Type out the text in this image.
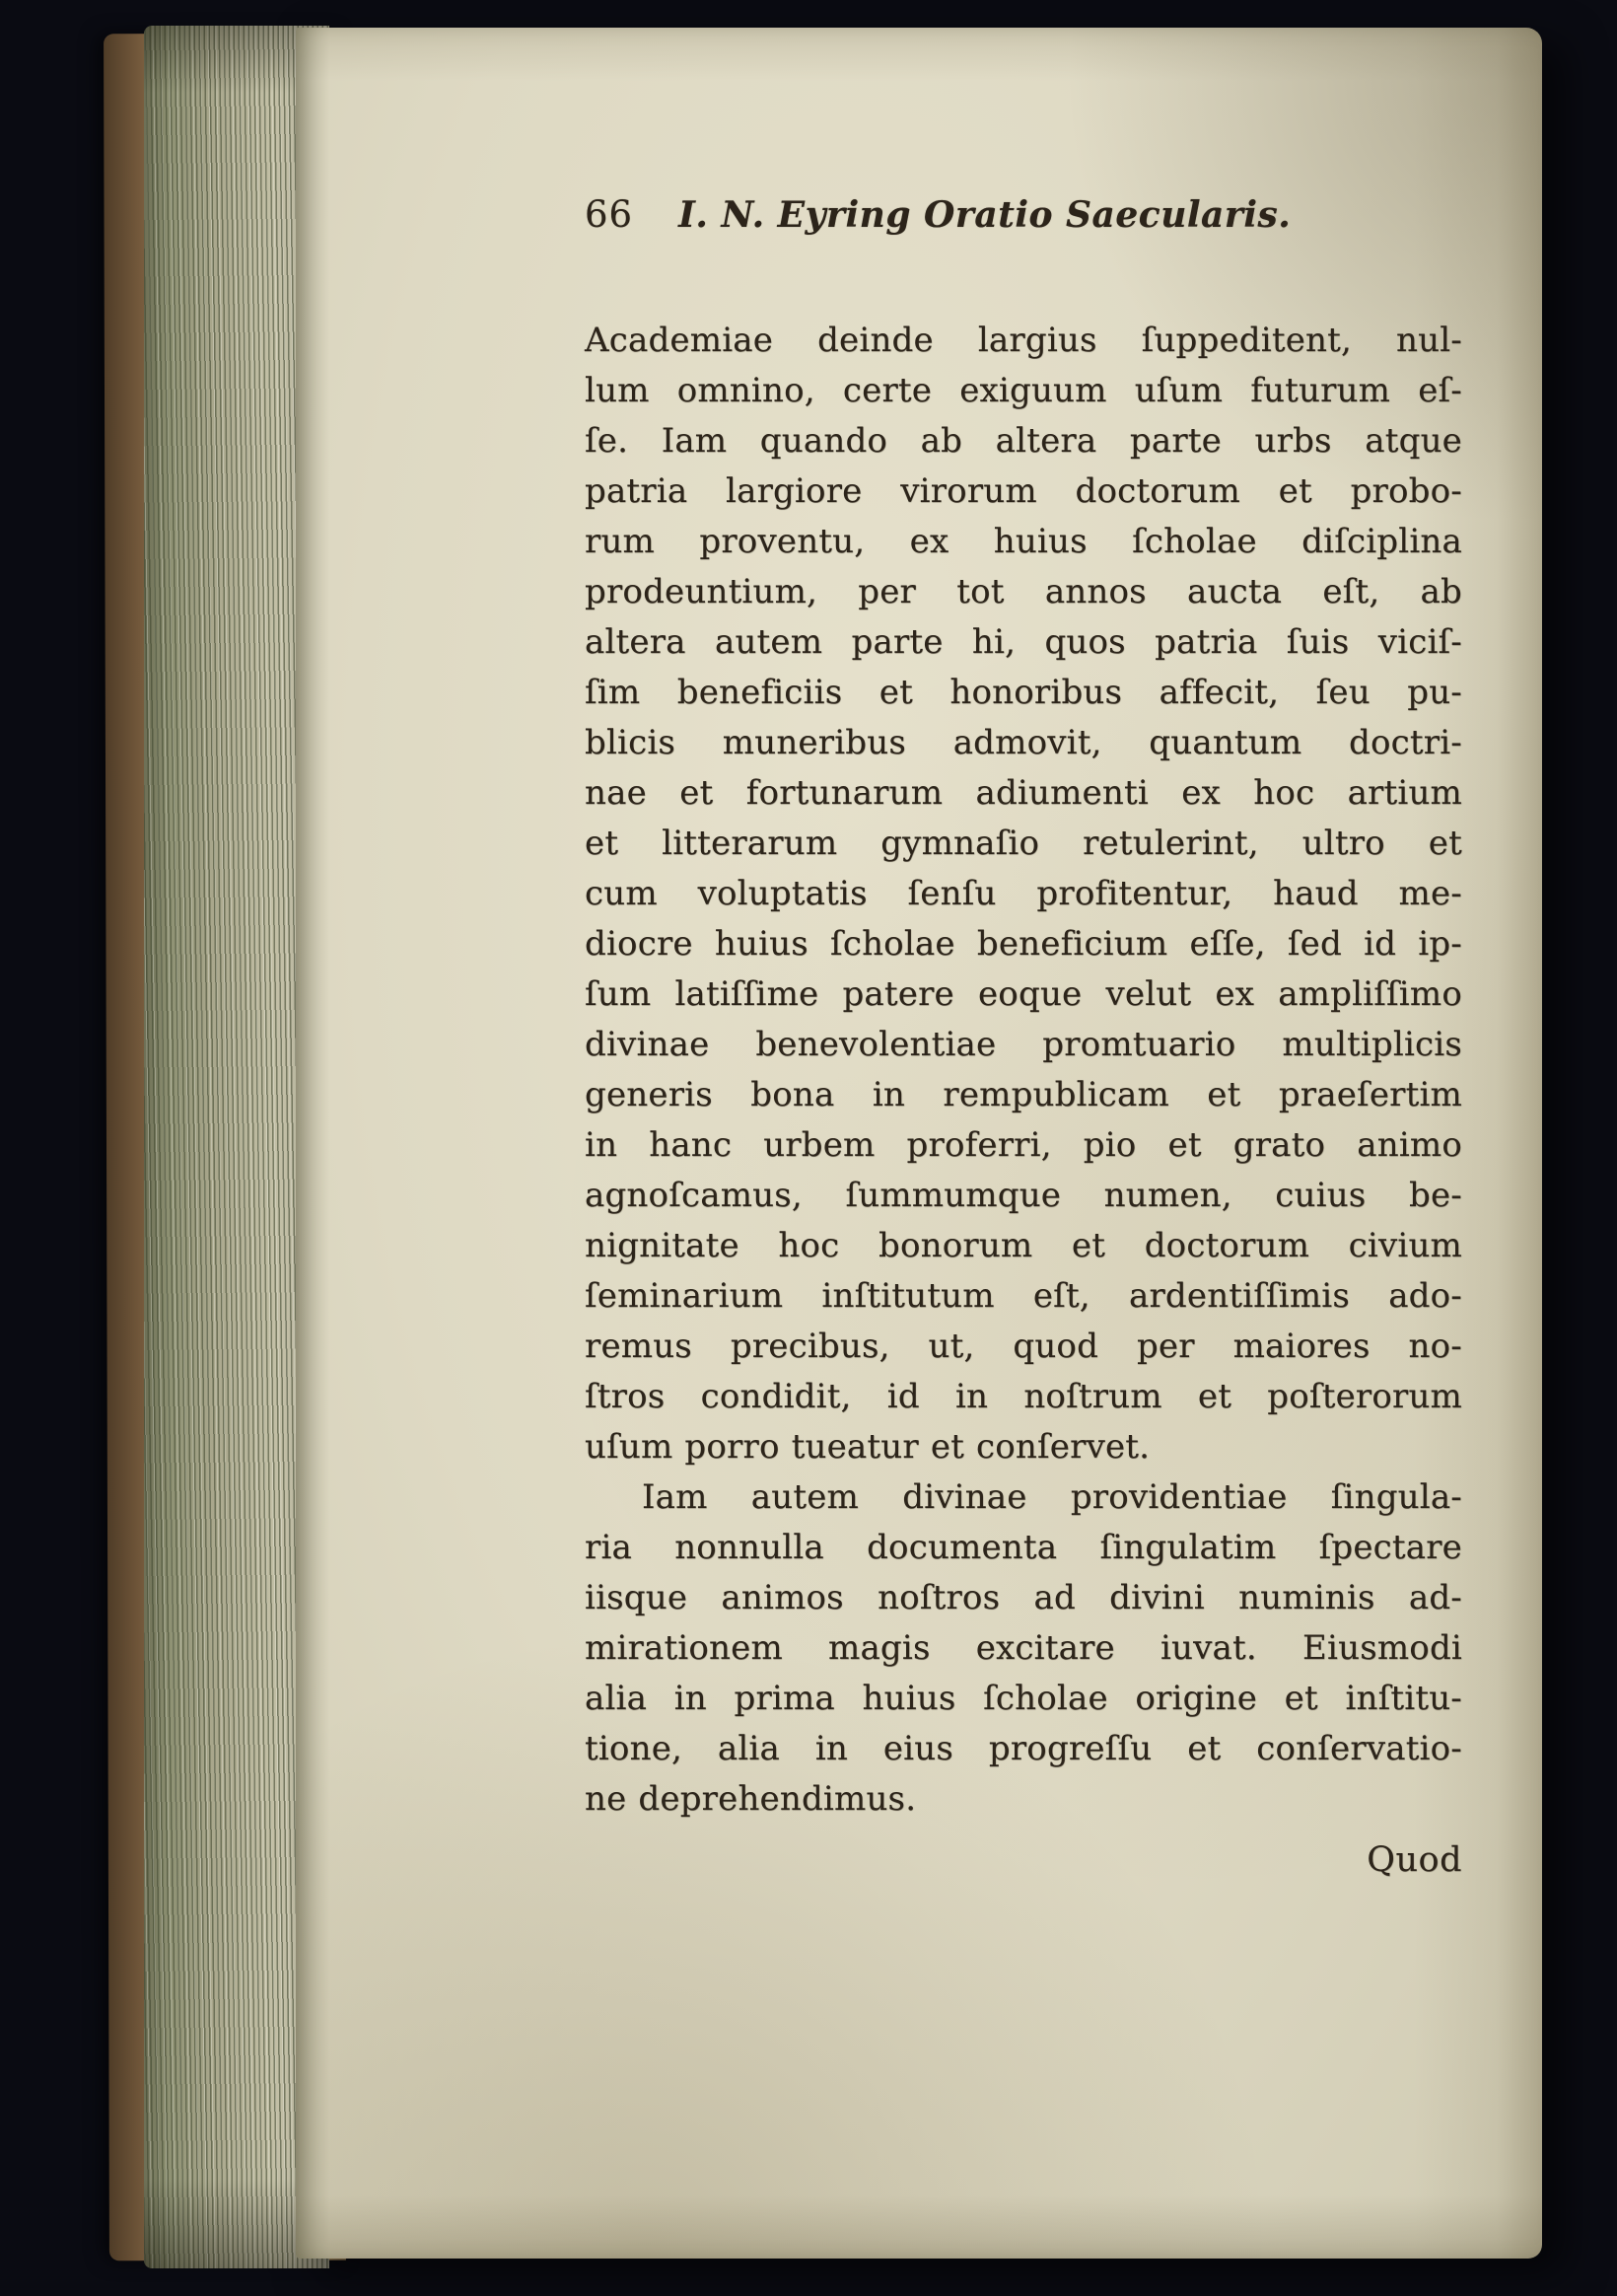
66 I. N. Eyring Oratio Saecularis.
Academiae deinde largius ſuppeditent, nul-
lum omnino, certe exiguum uſum futurum eſ-
ſe. Iam quando ab altera parte urbs atque
patria largiore virorum doctorum et probo-
rum proventu, ex huius ſcholae diſciplina
prodeuntium, per tot annos aucta eſt, ab
altera autem parte hi, quos patria ſuis viciſ-
ſim beneficiis et honoribus affecit, ſeu pu-
blicis muneribus admovit, quantum doctri-
nae et fortunarum adiumenti ex hoc artium
et litterarum gymnaſio retulerint, ultro et
cum voluptatis ſenſu profitentur, haud me-
diocre huius ſcholae beneficium eſſe, ſed id ip-
ſum latiſſime patere eoque velut ex ampliſſimo
divinae benevolentiae promtuario multiplicis
generis bona in rempublicam et praeſertim
in hanc urbem proferri, pio et grato animo
agnoſcamus, ſummumque numen, cuius be-
nignitate hoc bonorum et doctorum civium
ſeminarium inſtitutum eſt, ardentiſſimis ado-
remus precibus, ut, quod per maiores no-
ſtros condidit, id in noſtrum et poſterorum
uſum porro tueatur et conſervet.
Iam autem divinae providentiae ſingula-
ria nonnulla documenta ſingulatim ſpectare
iisque animos noſtros ad divini numinis ad-
mirationem magis excitare iuvat. Eiusmodi
alia in prima huius ſcholae origine et inſtitu-
tione, alia in eius progreſſu et conſervatio-
ne deprehendimus.
Quod
